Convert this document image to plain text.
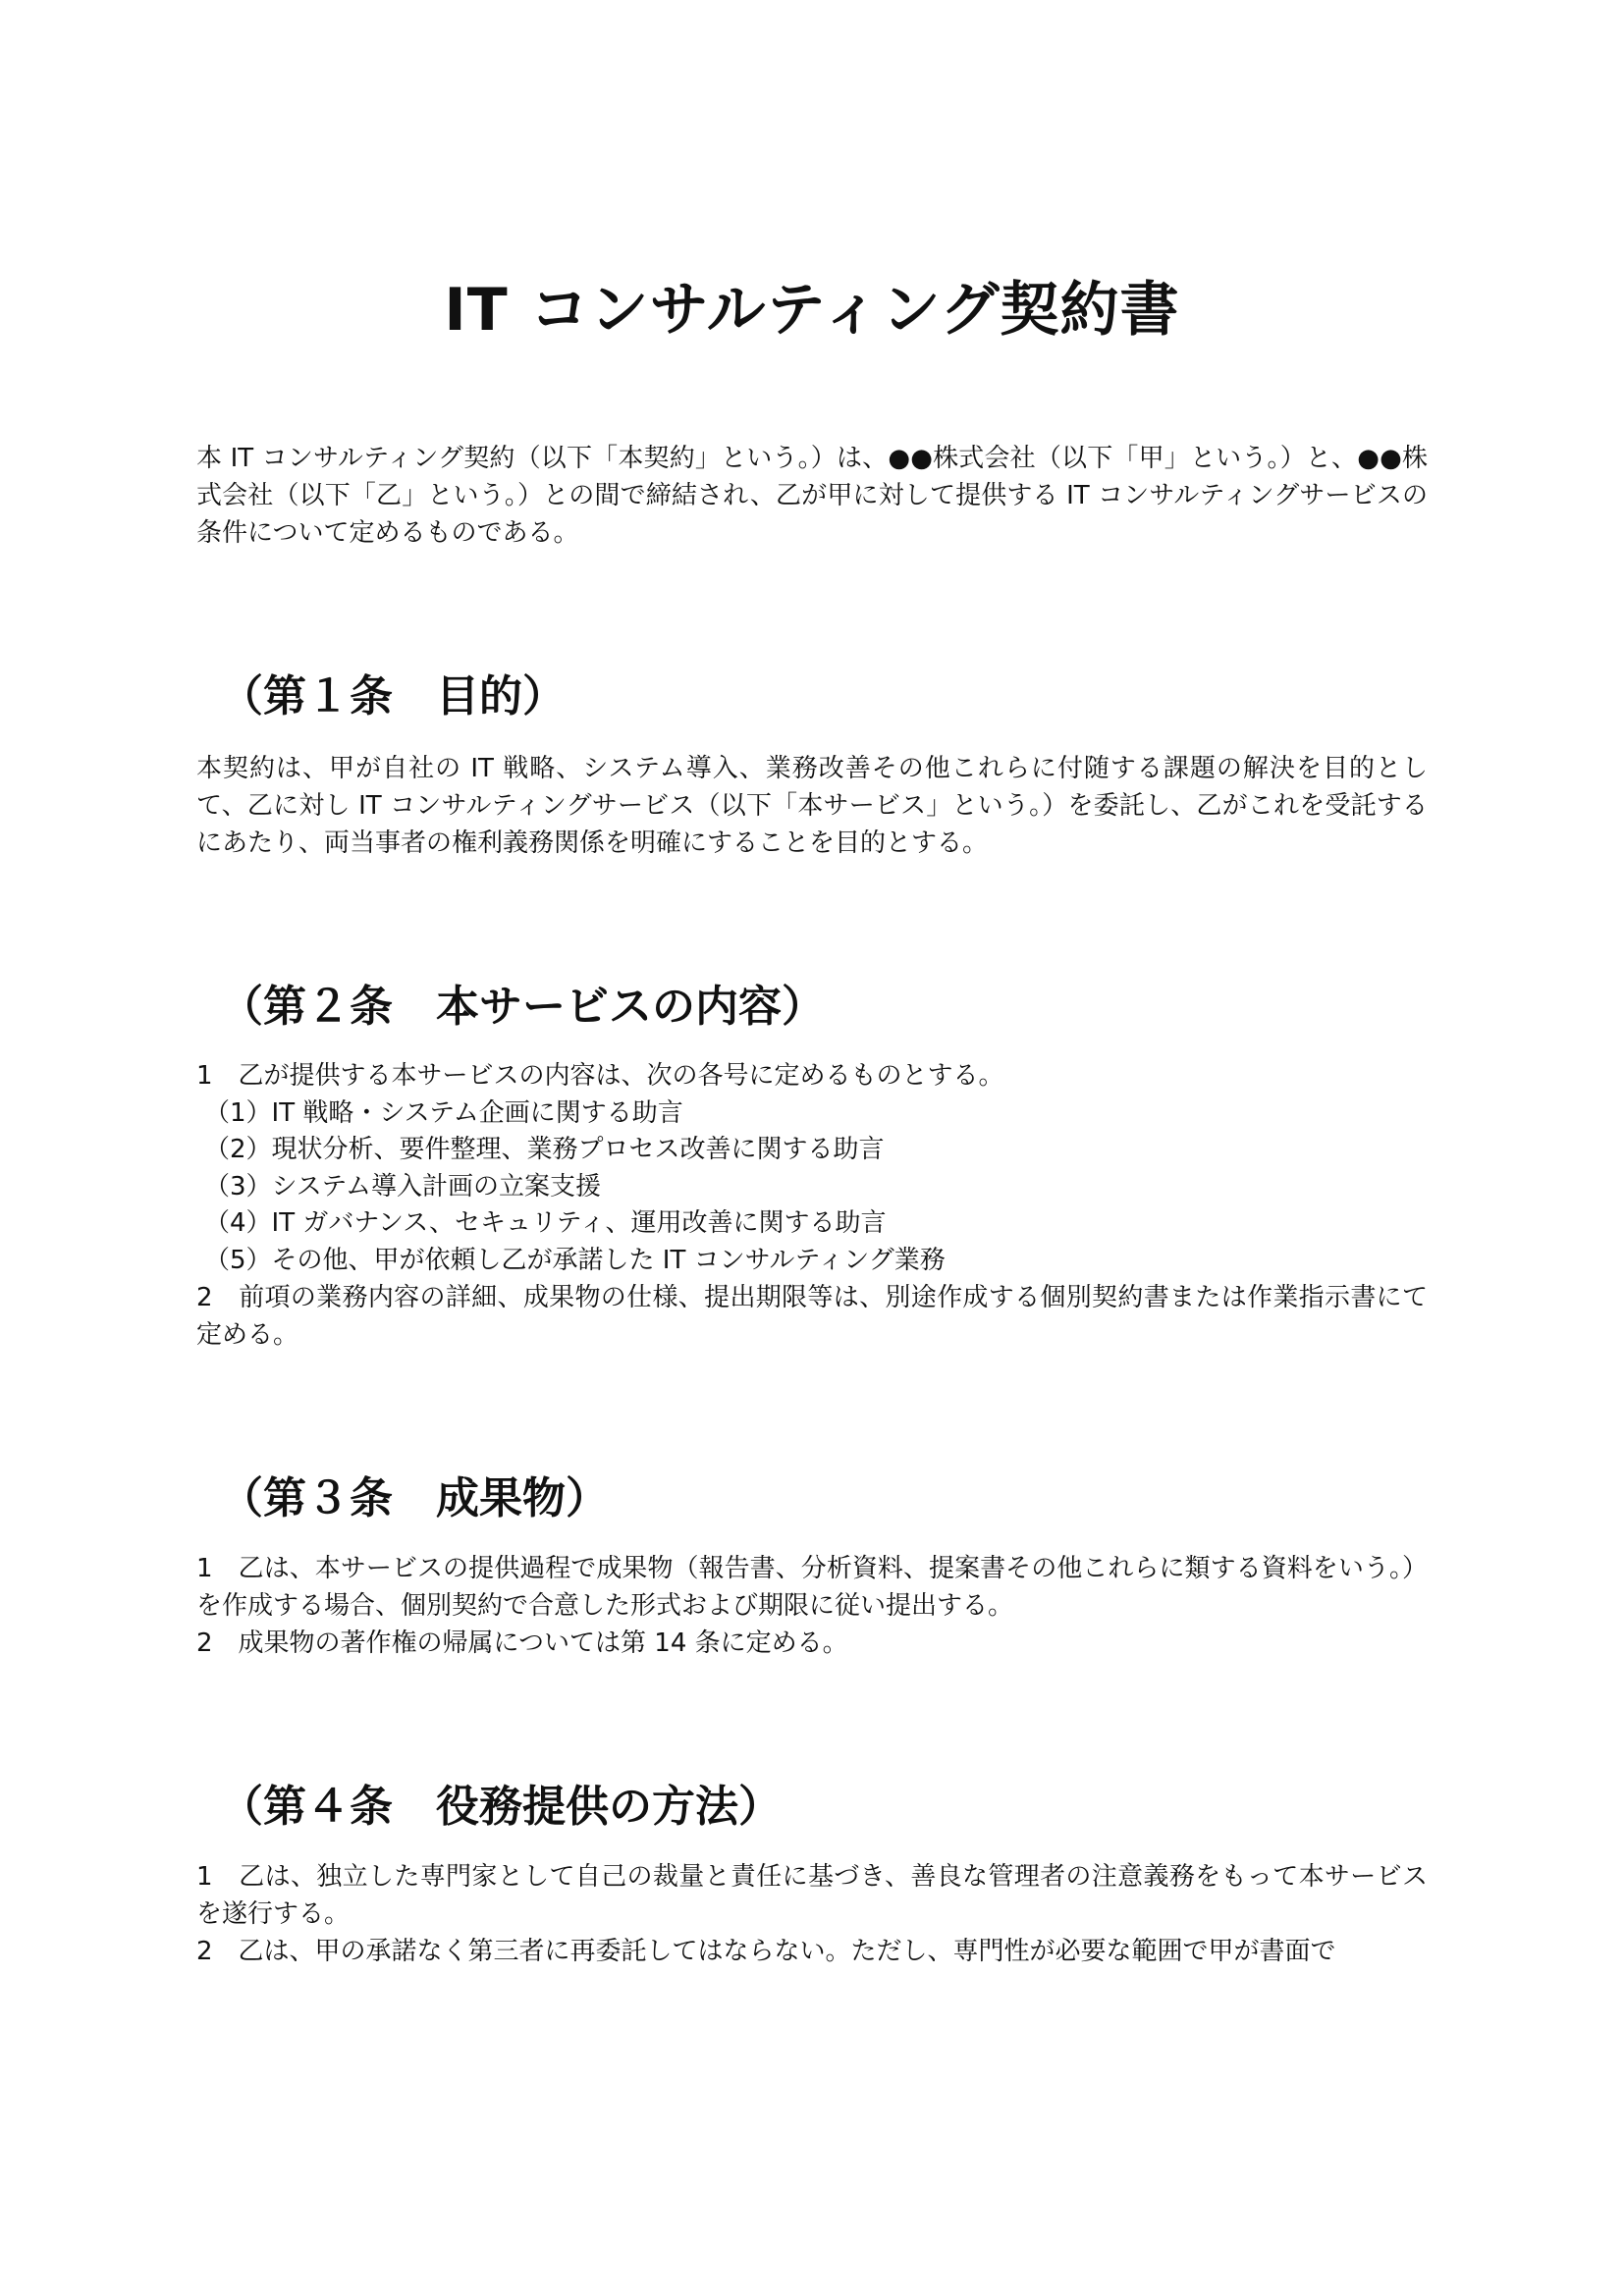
IT コンサルティング契約書

本 IT コンサルティング契約（以下「本契約」という。）は、●●株式会社（以下「甲」という。）と、●●株式会社（以下「乙」という。）との間で締結され、乙が甲に対して提供する IT コンサルティングサービスの条件について定めるものである。

（第１条　目的）

本契約は、甲が自社の IT 戦略、システム導入、業務改善その他これらに付随する課題の解決を目的として、乙に対し IT コンサルティングサービス（以下「本サービス」という。）を委託し、乙がこれを受託するにあたり、両当事者の権利義務関係を明確にすることを目的とする。

（第２条　本サービスの内容）

1　乙が提供する本サービスの内容は、次の各号に定めるものとする。

（1）IT 戦略・システム企画に関する助言

（2）現状分析、要件整理、業務プロセス改善に関する助言

（3）システム導入計画の立案支援

（4）IT ガバナンス、セキュリティ、運用改善に関する助言

（5）その他、甲が依頼し乙が承諾した IT コンサルティング業務

2　前項の業務内容の詳細、成果物の仕様、提出期限等は、別途作成する個別契約書または作業指示書にて定める。

（第３条　成果物）

1　乙は、本サービスの提供過程で成果物（報告書、分析資料、提案書その他これらに類する資料をいう。）を作成する場合、個別契約で合意した形式および期限に従い提出する。

2　成果物の著作権の帰属については第 14 条に定める。

（第４条　役務提供の方法）

1　乙は、独立した専門家として自己の裁量と責任に基づき、善良な管理者の注意義務をもって本サービスを遂行する。

2　乙は、甲の承諾なく第三者に再委託してはならない。ただし、専門性が必要な範囲で甲が書面で
